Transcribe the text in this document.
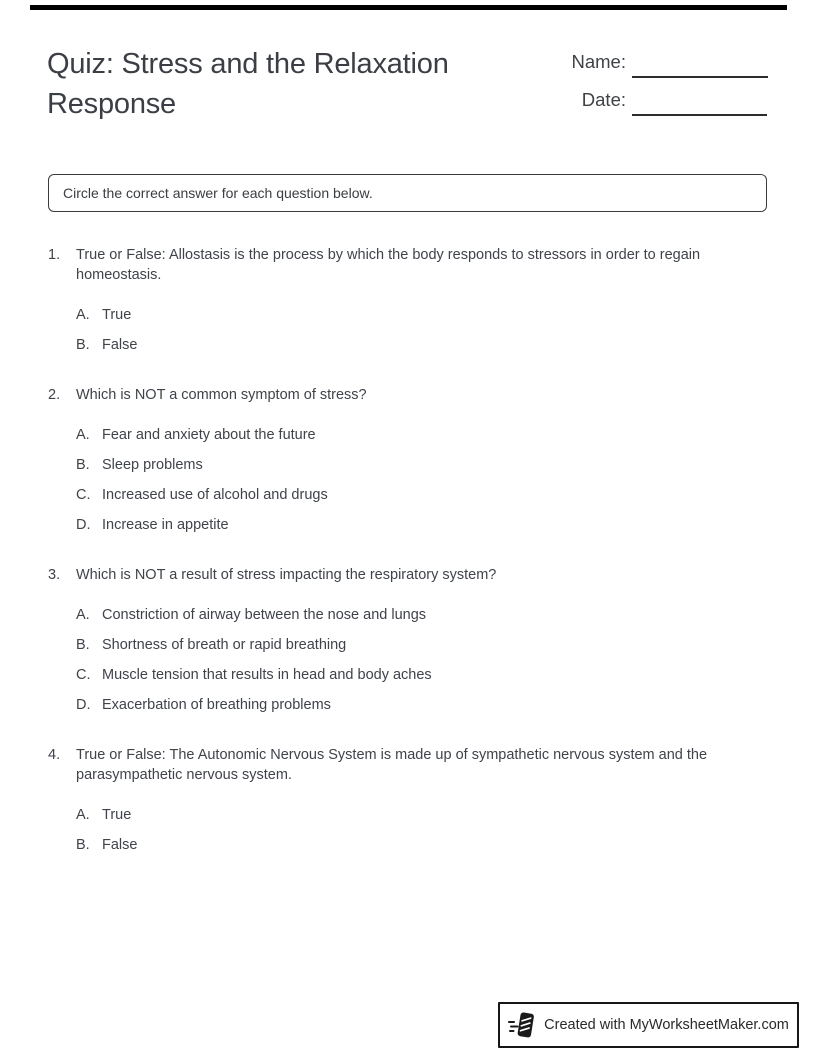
Quiz: Stress and the Relaxation Response
Name:
Date:
Circle the correct answer for each question below.
1.	True or False: Allostasis is the process by which the body responds to stressors in order to regain homeostasis.
A. True
B. False
2.	Which is NOT a common symptom of stress?
A. Fear and anxiety about the future
B. Sleep problems
C. Increased use of alcohol and drugs
D. Increase in appetite
3.	Which is NOT a result of stress impacting the respiratory system?
A. Constriction of airway between the nose and lungs
B. Shortness of breath or rapid breathing
C. Muscle tension that results in head and body aches
D. Exacerbation of breathing problems
4.	True or False: The Autonomic Nervous System is made up of sympathetic nervous system and the parasympathetic nervous system.
A. True
B. False
Created with MyWorksheetMaker.com
